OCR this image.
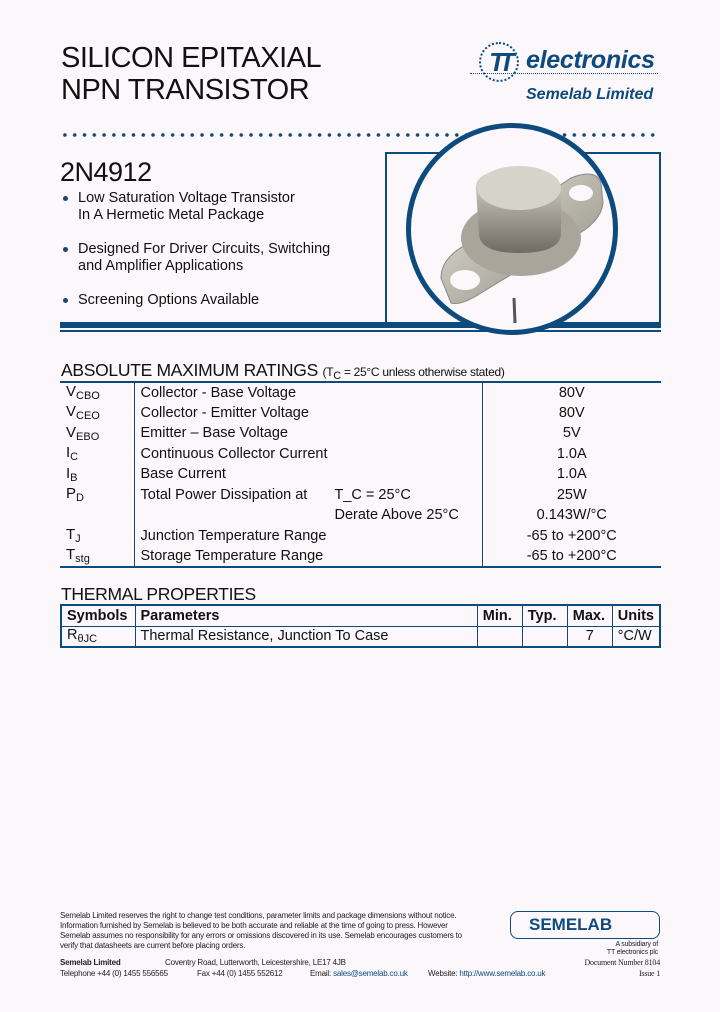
SILICON EPITAXIAL
NPN TRANSISTOR
TT electronics
Semelab Limited
2N4912
Low Saturation Voltage Transistor
In A Hermetic Metal Package
Designed For Driver Circuits, Switching
and Amplifier Applications
Screening Options Available
ABSOLUTE MAXIMUM RATINGS ($T_C = 25^\circ C$ unless otherwise stated)
$V_{CBO}$	Collector - Base Voltage	80V
$V_{CEO}$	Collector - Emitter Voltage	80V
$V_{EBO}$	Emitter – Base Voltage	5V
$I_C$	Continuous Collector Current	1.0A
$I_B$	Base Current	1.0A
$P_D$	Total Power Dissipation at T_C = 25°C	25W

	Derate Above 25°C	0.143W/°C
$T_J$	Junction Temperature Range	-65 to +200°C
$T_{stg}$	Storage Temperature Range	-65 to +200°C
THERMAL PROPERTIES
Symbols	Parameters	Min.	Typ.	Max.	Units
$R_{\theta JC}$	Thermal Resistance, Junction To Case			7	°C/W
Semelab Limited reserves the right to change test conditions, parameter limits and package dimensions without notice.
Information furnished by Semelab is believed to be both accurate and reliable at the time of going to press. However
Semelab assumes no responsibility for any errors or omissions discovered in its use. Semelab encourages customers to
verify that datasheets are current before placing orders.
Semelab Limited	Coventry Road, Lutterworth, Leicestershire, LE17 4JB
Telephone +44 (0) 1455 556565	Fax +44 (0) 1455 552612	Email: sales@semelab.co.uk	Website: http://www.semelab.co.uk
SEMELAB
A subsidiary of
TT electronics plc
Document Number 8104
Issue 1
